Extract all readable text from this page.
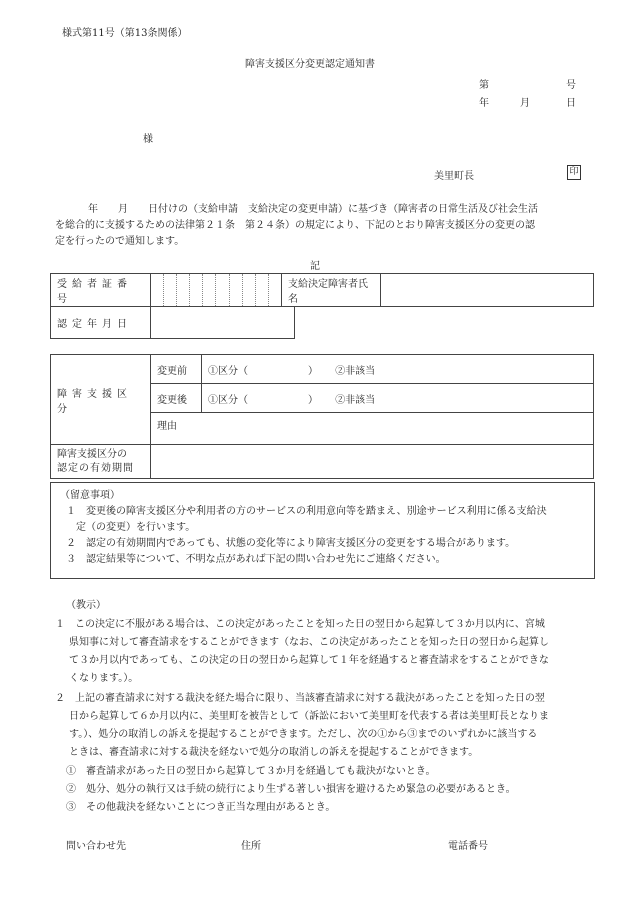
様式第11号（第13条関係）
障害支援区分変更認定通知書
第	号
年	月	日
様
美里町長	印
年　　月　　日付けの（支給申請　支給決定の変更申請）に基づき（障害者の日常生活及び社会生活
を総合的に支援するための法律第２１条　第２４条）の規定により、下記のとおり障害支援区分の変更の認
定を行ったので通知します。
記
受給者証番号	
	支給決定障害者氏名	
認定年月日	
障害支援区分	変更前	①区分（　　　　　　） ②非該当
	変更後	①区分（　　　　　　） ②非該当
	理由	

障害支援区分の
認定の有効期間		

（留意事項）
１　変更後の障害支援区分や利用者の方のサービスの利用意向等を踏まえ、別途サービス利用に係る支給決
　定（の変更）を行います。
２　認定の有効期間内であっても、状態の変化等により障害支援区分の変更をする場合があります。
３　認定結果等について、不明な点があれば下記の問い合わせ先にご連絡ください。
（教示）
１　この決定に不服がある場合は、この決定があったことを知った日の翌日から起算して３か月以内に、宮城
県知事に対して審査請求をすることができます（なお、この決定があったことを知った日の翌日から起算し
て３か月以内であっても、この決定の日の翌日から起算して１年を経過すると審査請求をすることができな
くなります。）。
２　上記の審査請求に対する裁決を経た場合に限り、当該審査請求に対する裁決があったことを知った日の翌
日から起算して６か月以内に、美里町を被告として（訴訟において美里町を代表する者は美里町長となりま
す。）、処分の取消しの訴えを提起することができます。ただし、次の①から③までのいずれかに該当する
ときは、審査請求に対する裁決を経ないで処分の取消しの訴えを提起することができます。
①　審査請求があった日の翌日から起算して３か月を経過しても裁決がないとき。
②　処分、処分の執行又は手続の続行により生ずる著しい損害を避けるため緊急の必要があるとき。
③　その他裁決を経ないことにつき正当な理由があるとき。
問い合わせ先	住所	電話番号
